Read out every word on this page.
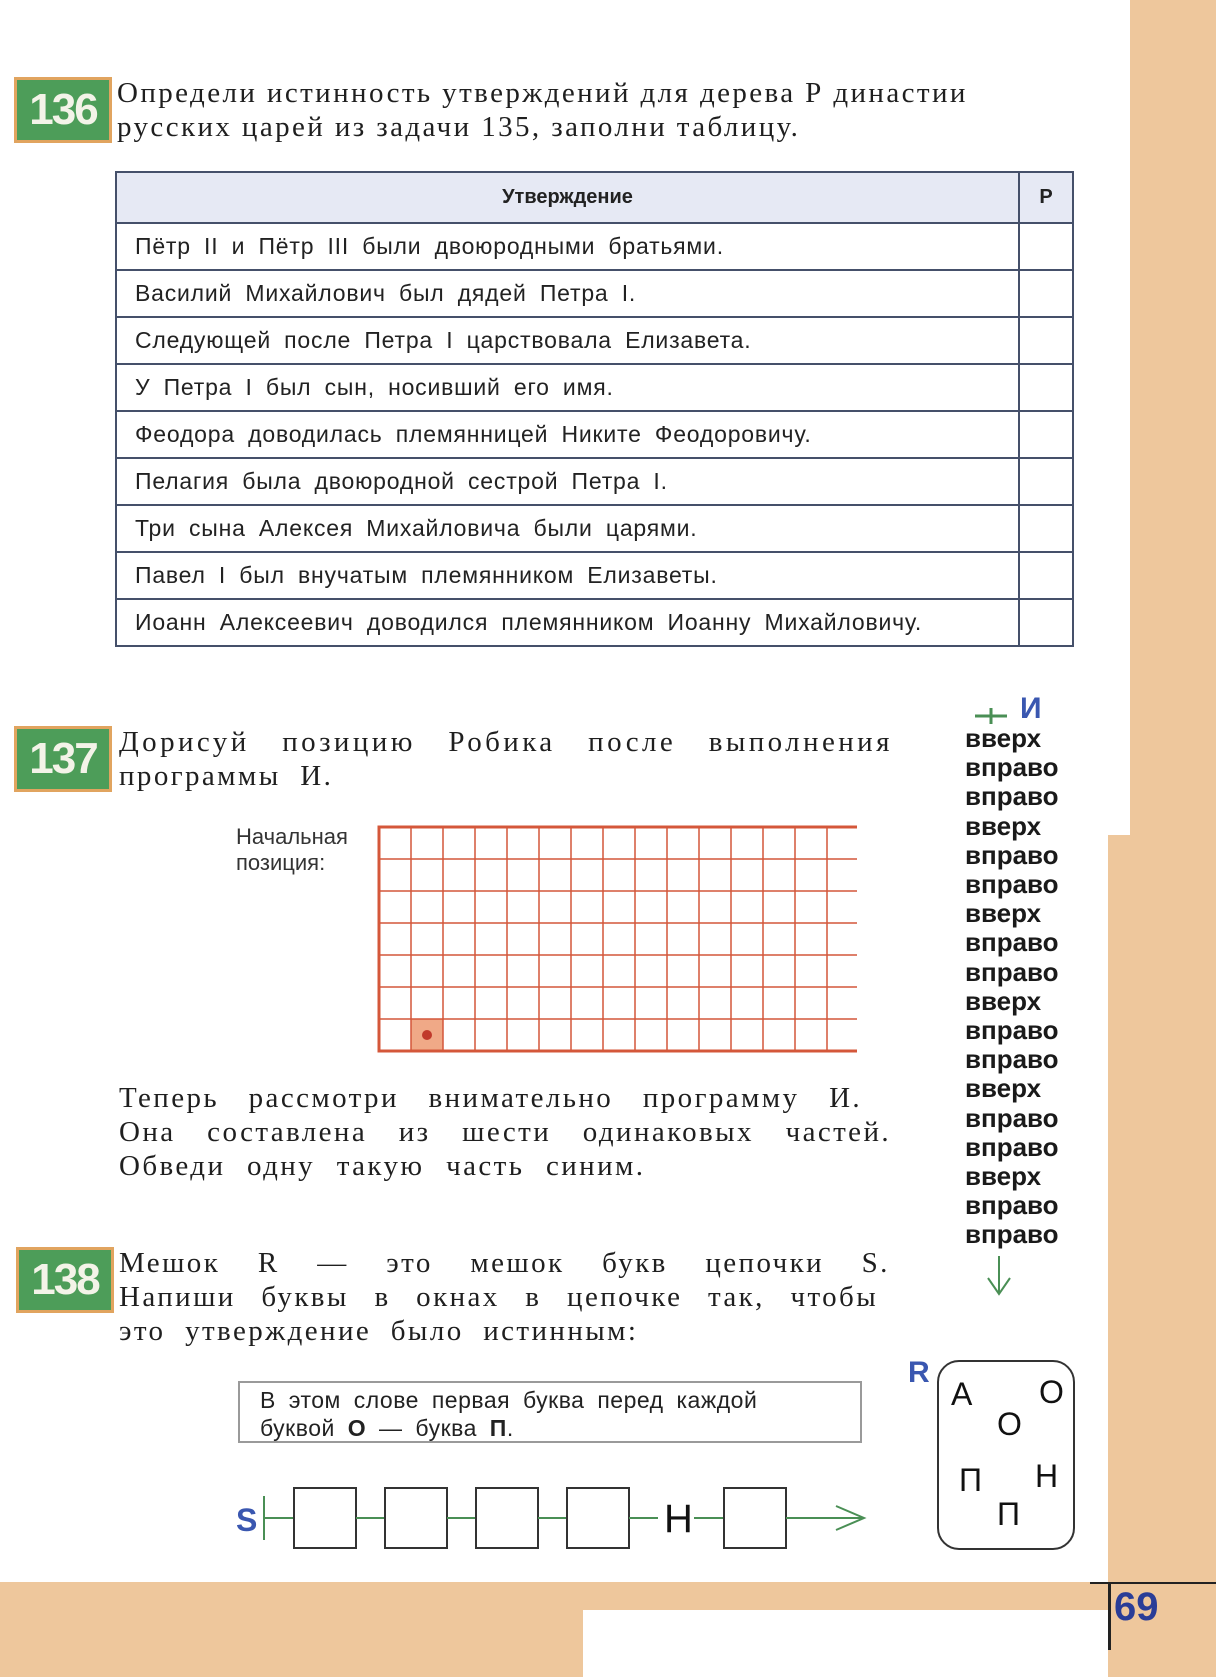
69
136 Определи истинность утверждений для дерева Р династии
русских царей из задачи 135, заполни таблицу.
Утверждение	Р
Пётр II и Пётр III были двоюродными братьями.	
Василий Михайлович был дядей Петра I.	
Следующей после Петра I царствовала Елизавета.	
У Петра I был сын, носивший его имя.	
Феодора доводилась племянницей Никите Феодоровичу.	
Пелагия была двоюродной сестрой Петра I.	
Три сына Алексея Михайловича были царями.	
Павел I был внучатым племянником Елизаветы.	
Иоанн Алексеевич доводился племянником Иоанну Михайловичу.	
137 Дорисуй позицию Робика после выполнения
программы И.
Начальная
позиция:
Теперь рассмотри внимательно программу И.
Она составлена из шести одинаковых частей.
Обведи одну такую часть синим.
И
вверх
вправо
вправо
вверх
вправо
вправо
вверх
вправо
вправо
вверх
вправо
вправо
вверх
вправо
вправо
вверх
вправо
вправо
138 Мешок R — это мешок букв цепочки S.
Напиши буквы в окнах в цепочке так, чтобы
это утверждение было истинным:
В этом слове первая буква перед каждой
буквой О — буква П.
S	Н
R
А О
О
П Н
П
